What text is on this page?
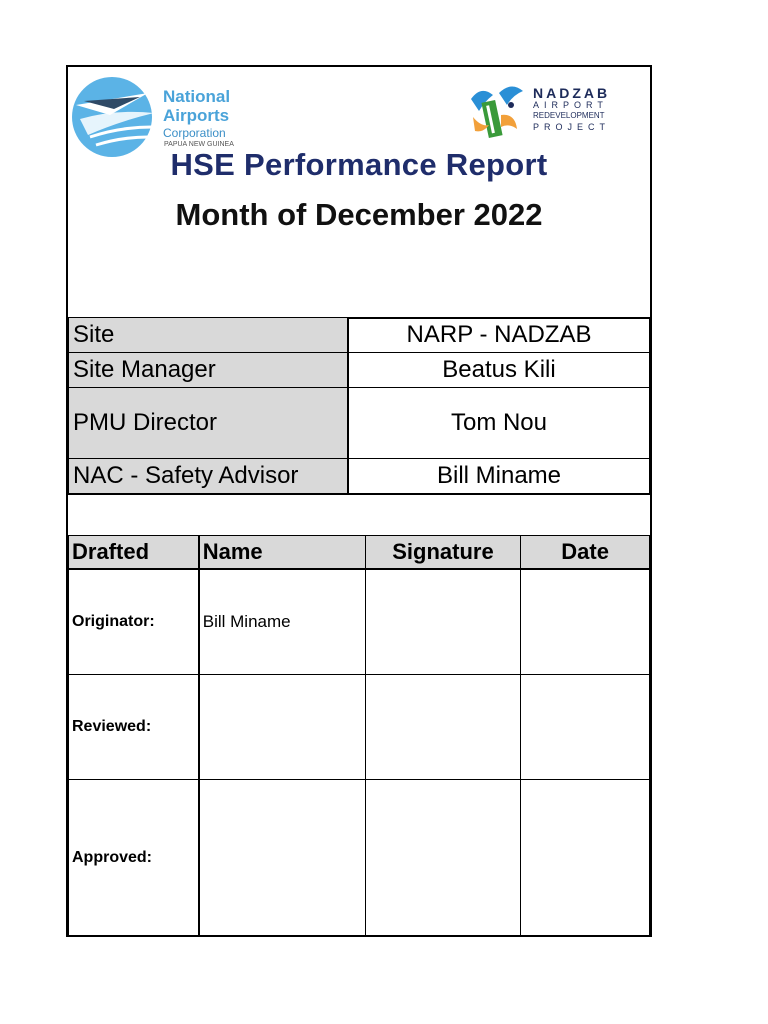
National
Airports
Corporation
PAPUA NEW GUINEA
NADZAB
AIRPORT
REDEVELOPMENT
PROJECT
HSE Performance Report
Month of December 2022
Site	NARP - NADZAB
Site Manager	Beatus Kili
PMU Director	Tom Nou
NAC - Safety Advisor	Bill Miname
Drafted	Name	Signature	Date
Originator:	Bill Miname		
Reviewed:			
Approved:			
